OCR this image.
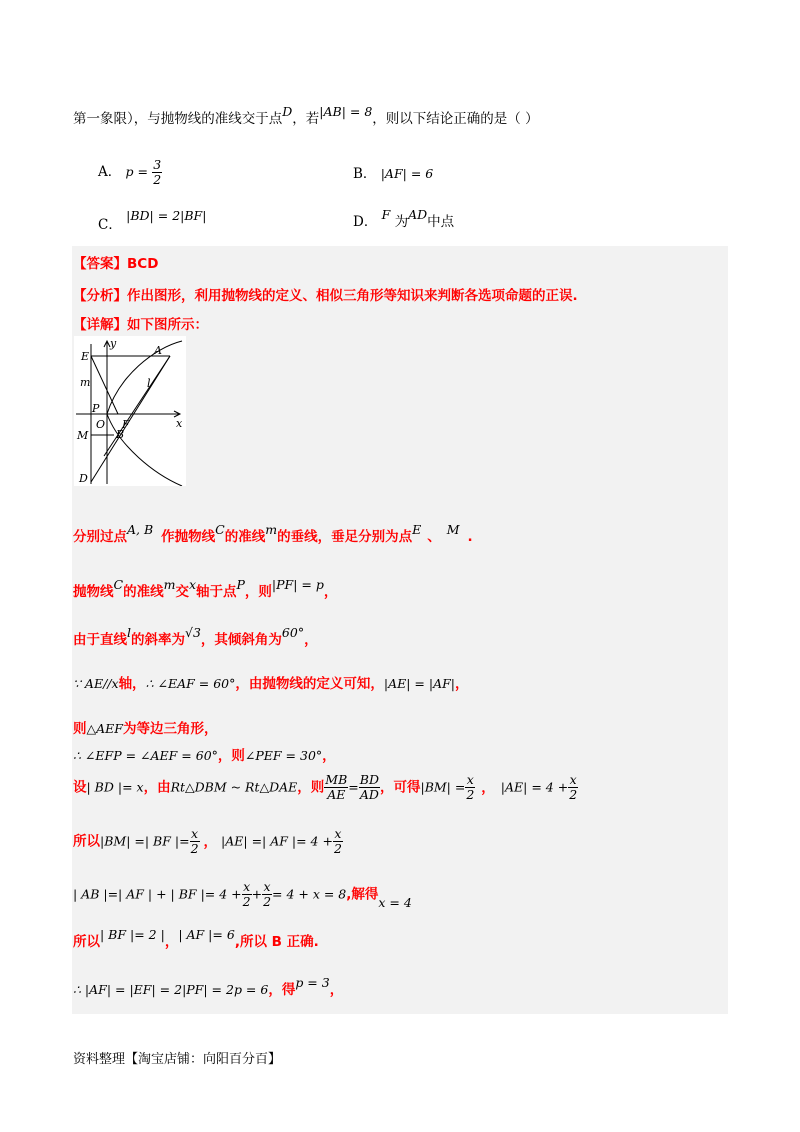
第一象限），与抛物线的准线交于点D，若|AB| = 8，则以下结论正确的是（ ）
A． $p = \frac{3}{2}$	B． |AF| = 6
C． |BD| = 2|BF|	D． F 为AD中点
【答案】BCD
【分析】作出图形，利用抛物线的定义、相似三角形等知识来判断各选项命题的正误.
【详解】如下图所示：
y
x
E	A
m	l
P
O F
M	B
D
分别过点A, B 作抛物线C的准线m的垂线，垂足分别为点E 、 M .
抛物线C的准线m交x轴于点P，则|PF| = p，
由于直线l的斜率为√3，其倾斜角为60°，
∵ AE//x轴，∴ ∠EAF = 60°，由抛物线的定义可知，|AE| = |AF|，
则△AEF为等边三角形，
∴ ∠EFP = ∠AEF = 60°，则∠PEF = 30°，
设| BD |= x，由Rt△DBM ~ Rt△DAE，则 $\frac{MB}{AE} = \frac{BD}{AD}$ ，可得$|BM| = \frac{x}{2}$ ， $|AE| = 4 + \frac{x}{2}$
所以|BM| =| BF |= $\frac{x}{2}$ ， |AE| =| AF |= $4 + \frac{x}{2}$
| AB |=| AF | + | BF |= $4 + \frac{x}{2} + \frac{x}{2} = 4 + x = 8$,解得x = 4
所以| BF |= 2 |，| AF |= 6,所以 B 正确.
∴ |AF| = |EF| = 2|PF| = 2p = 6，得p = 3，
资料整理【淘宝店铺：向阳百分百】
